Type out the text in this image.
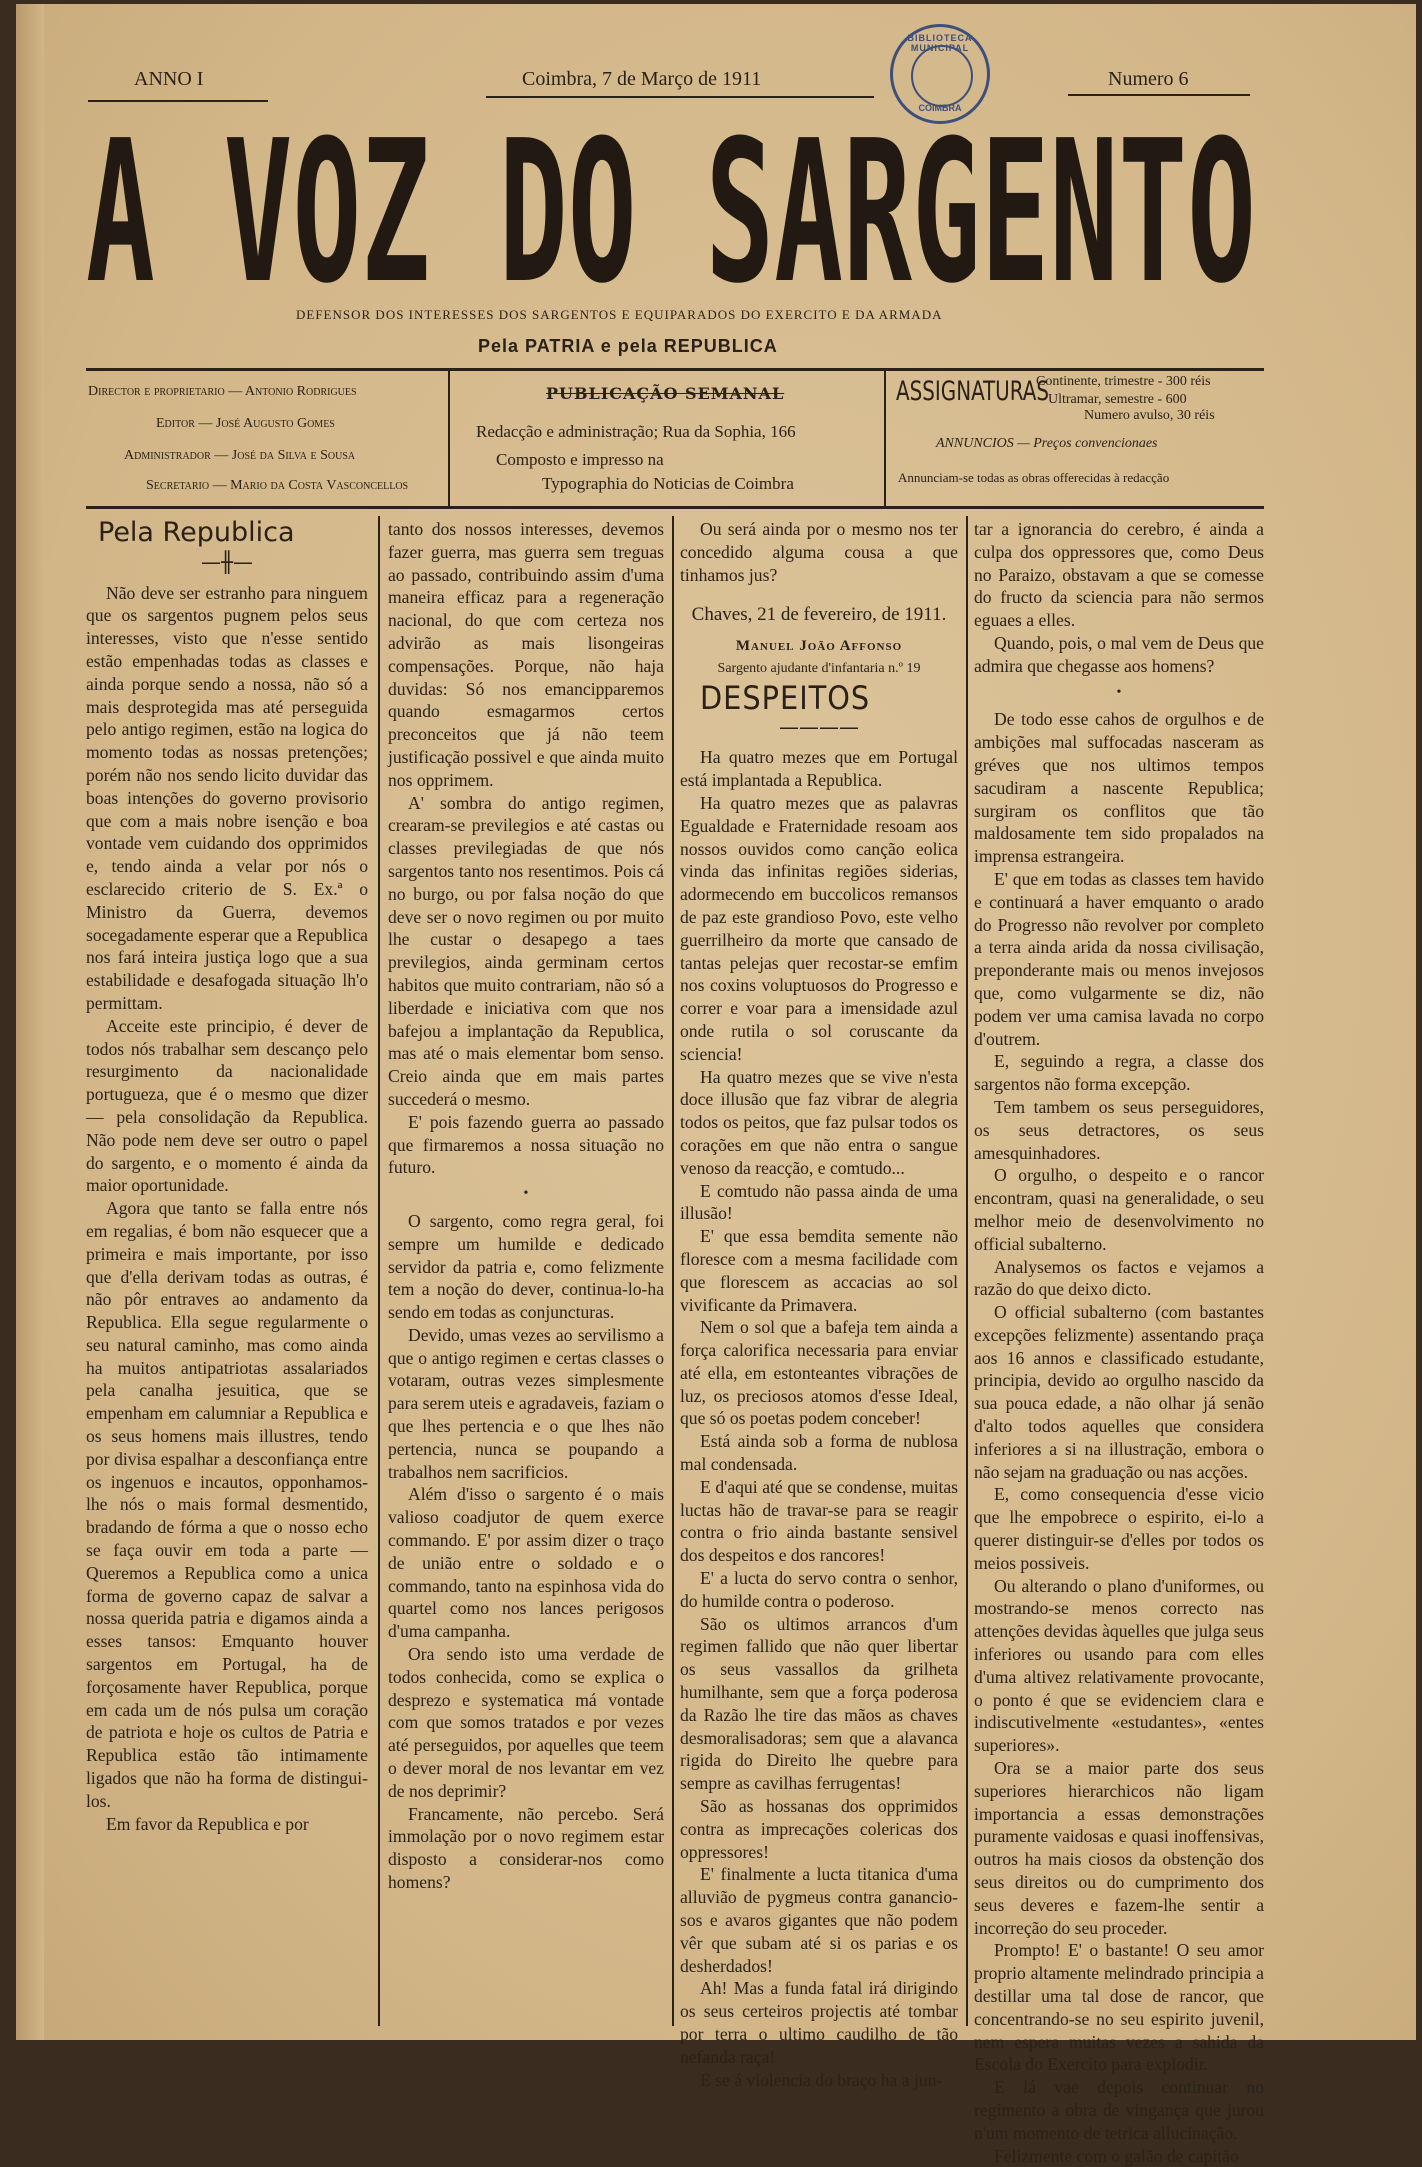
ANNO I	Coimbra, 7 de Março de 1911	Numero 6
BIBLIOTECA MUNICIPAL
COIMBRA
A VOZ DO SARGENTO
DEFENSOR DOS INTERESSES DOS SARGENTOS E EQUIPARADOS DO EXERCITO E DA ARMADA
Pela PATRIA e pela REPUBLICA
Director e proprietario — Antonio Rodrigues
Editor — José Augusto Gomes
Administrador — José da Silva e Sousa
Secretario — Mario da Costa Vasconcellos
PUBLICAÇÃO SEMANAL
Redacção e administração; Rua da Sophia, 166
Composto e impresso na
Typographia do Noticias de Coimbra
ASSIGNATURAS
Continente, trimestre - 300 réis
Ultramar, semestre - 600
Numero avulso, 30 réis
ANNUNCIOS — Preços convencionaes
Annunciam-se todas as obras offerecidas à redacção
Pela Republica
—╫—

Não deve ser estranho para ninguem que os sargentos pugnem pelos seus interesses, visto que n'esse sentido estão empenhadas todas as classes e ainda porque sendo a nossa, não só a mais desprotegida mas até perseguida pelo antigo regimen, estão na logica do momento todas as nossas pretenções; porém não nos sendo licito duvidar das boas intenções do governo provisorio que com a mais nobre isenção e boa vontade vem cuidando dos opprimidos e, tendo ainda a velar por nós o esclarecido criterio de S. Ex.ª o Ministro da Guerra, devemos socegadamente esperar que a Republica nos fará inteira justiça logo que a sua estabilidade e desafogada situação lh'o permittam.

Acceite este principio, é dever de todos nós trabalhar sem descanço pelo resurgimento da nacionalidade portugueza, que é o mesmo que dizer — pela consolidação da Republica. Não pode nem deve ser outro o papel do sargento, e o momento é ainda da maior oportunidade.

Agora que tanto se falla entre nós em regalias, é bom não esquecer que a primeira e mais importante, por isso que d'ella derivam todas as outras, é não pôr entraves ao andamento da Republica. Ella segue regularmente o seu natural caminho, mas como ainda ha muitos antipatriotas assalariados pela canalha jesuitica, que se empenham em calumniar a Republica e os seus homens mais illustres, tendo por divisa espalhar a desconfiança entre os ingenuos e incautos, opponhamos-lhe nós o mais formal desmentido, bradando de fórma a que o nosso echo se faça ouvir em toda a parte — Queremos a Republica como a unica forma de governo capaz de salvar a nossa querida patria e digamos ainda a esses tansos: Emquanto houver sargentos em Portugal, ha de forçosamente haver Republica, porque em cada um de nós pulsa um coração de patriota e hoje os cultos de Patria e Republica estão tão intimamente ligados que não ha forma de distingui-los.

Em favor da Republica e por

tanto dos nossos interesses, devemos fazer guerra, mas guerra sem treguas ao passado, contribuindo assim d'uma maneira efficaz para a regeneração nacional, do que com certeza nos advirão as mais lisongeiras compensações. Porque, não haja duvidas: Só nos emancipparemos quando esmagarmos certos preconceitos que já não teem justificação possivel e que ainda muito nos opprimem.

A' sombra do antigo regimen, crearam-se previlegios e até castas ou classes previlegiadas de que nós sargentos tanto nos resentimos. Pois cá no burgo, ou por falsa noção do que deve ser o novo regimen ou por muito lhe custar o desapego a taes previlegios, ainda germinam certos habitos que muito contrariam, não só a liberdade e iniciativa com que nos bafejou a implantação da Republica, mas até o mais elementar bom senso. Creio ainda que em mais partes succederá o mesmo.

E' pois fazendo guerra ao passado que firmaremos a nossa situação no futuro.

•

O sargento, como regra geral, foi sempre um humilde e dedicado servidor da patria e, como felizmente tem a noção do dever, continua-lo-ha sendo em todas as conjuncturas.

Devido, umas vezes ao servilismo a que o antigo regimen e certas classes o votaram, outras vezes simplesmente para serem uteis e agradaveis, faziam o que lhes pertencia e o que lhes não pertencia, nunca se poupando a trabalhos nem sacrificios.

Além d'isso o sargento é o mais valioso coadjutor de quem exerce commando. E' por assim dizer o traço de união entre o soldado e o commando, tanto na espinhosa vida do quartel como nos lances perigosos d'uma campanha.

Ora sendo isto uma verdade de todos conhecida, como se explica o desprezo e systematica má vontade com que somos tratados e por vezes até perseguidos, por aquelles que teem o dever moral de nos levantar em vez de nos deprimir?

Francamente, não percebo. Será immolação por o novo regimem estar disposto a considerar-nos como homens?

Ou será ainda por o mesmo nos ter concedido alguma cousa a que tinhamos jus?

Chaves, 21 de fevereiro, de 1911.
Manuel João Affonso
Sargento ajudante d'infantaria n.º 19
DESPEITOS
————

Ha quatro mezes que em Portugal está implantada a Republica.

Ha quatro mezes que as palavras Egualdade e Fraternidade resoam aos nossos ouvidos como canção eolica vinda das infinitas regiões siderias, adormecendo em buccolicos remansos de paz este grandioso Povo, este velho guerrilheiro da morte que cansado de tantas pelejas quer recostar-se emfim nos coxins voluptuosos do Progresso e correr e voar para a imensidade azul onde rutila o sol coruscante da sciencia!

Ha quatro mezes que se vive n'esta doce illusão que faz vibrar de alegria todos os peitos, que faz pulsar todos os corações em que não entra o sangue venoso da reacção, e comtudo...

E comtudo não passa ainda de uma illusão!

E' que essa bemdita semente não floresce com a mesma facilidade com que florescem as accacias ao sol vivificante da Primavera.

Nem o sol que a bafeja tem ainda a força calorifica necessaria para enviar até ella, em estonteantes vibrações de luz, os preciosos atomos d'esse Ideal, que só os poetas podem conceber!

Está ainda sob a forma de nublosa mal condensada.

E d'aqui até que se condense, muitas luctas hão de travar-se para se reagir contra o frio ainda bastante sensivel dos despeitos e dos rancores!

E' a lucta do servo contra o senhor, do humilde contra o poderoso.

São os ultimos arrancos d'um regimen fallido que não quer libertar os seus vassallos da grilheta humilhante, sem que a força poderosa da Razão lhe tire das mãos as chaves desmoralisadoras; sem que a alavanca rigida do Direito lhe quebre para sempre as cavilhas ferrugentas!

São as hossanas dos opprimidos contra as imprecações colericas dos oppressores!

E' finalmente a lucta titanica d'uma alluvião de pygmeus contra ganancio-sos e avaros gigantes que não podem vêr que subam até si os parias e os desherdados!

Ah! Mas a funda fatal irá dirigindo os seus certeiros projectis até tombar por terra o ultimo caudilho de tão nefanda raça!

E se á violencia do braço ha a jun-

tar a ignorancia do cerebro, é ainda a culpa dos oppressores que, como Deus no Paraizo, obstavam a que se comesse do fructo da sciencia para não sermos eguaes a elles.

Quando, pois, o mal vem de Deus que admira que chegasse aos homens?

•

De todo esse cahos de orgulhos e de ambições mal suffocadas nasceram as gréves que nos ultimos tempos sacudiram a nascente Republica; surgiram os conflitos que tão maldosamente tem sido propalados na imprensa estrangeira.

E' que em todas as classes tem havido e continuará a haver emquanto o arado do Progresso não revolver por completo a terra ainda arida da nossa civilisação, preponderante mais ou menos invejosos que, como vulgarmente se diz, não podem ver uma camisa lavada no corpo d'outrem.

E, seguindo a regra, a classe dos sargentos não forma excepção.

Tem tambem os seus perseguidores, os seus detractores, os seus amesquinhadores.

O orgulho, o despeito e o rancor encontram, quasi na generalidade, o seu melhor meio de desenvolvimento no official subalterno.

Analysemos os factos e vejamos a razão do que deixo dicto.

O official subalterno (com bastantes excepções felizmente) assentando praça aos 16 annos e classificado estudante, principia, devido ao orgulho nascido da sua pouca edade, a não olhar já senão d'alto todos aquelles que considera inferiores a si na illustração, embora o não sejam na graduação ou nas acções.

E, como consequencia d'esse vicio que lhe empobrece o espirito, ei-lo a querer distinguir-se d'elles por todos os meios possiveis.

Ou alterando o plano d'uniformes, ou mostrando-se menos correcto nas attenções devidas àquelles que julga seus inferiores ou usando para com elles d'uma altivez relativamente provocante, o ponto é que se evidenciem clara e indiscutivelmente «estudantes», «entes superiores».

Ora se a maior parte dos seus superiores hierarchicos não ligam importancia a essas demonstrações puramente vaidosas e quasi inoffensivas, outros ha mais ciosos da obstenção dos seus direitos ou do cumprimento dos seus deveres e fazem-lhe sentir a incorreção do seu proceder.

Prompto! E' o bastante! O seu amor proprio altamente melindrado principia a destillar uma tal dose de rancor, que concentrando-se no seu espirito juvenil, nem espera muitas vezes a sahida da Escola do Exercito para explodir.

E lá vae depois continuar no regimento a obra de vingança que jurou n'um momento de tetrica allucinação.

Felizmente com o galão de capitão
